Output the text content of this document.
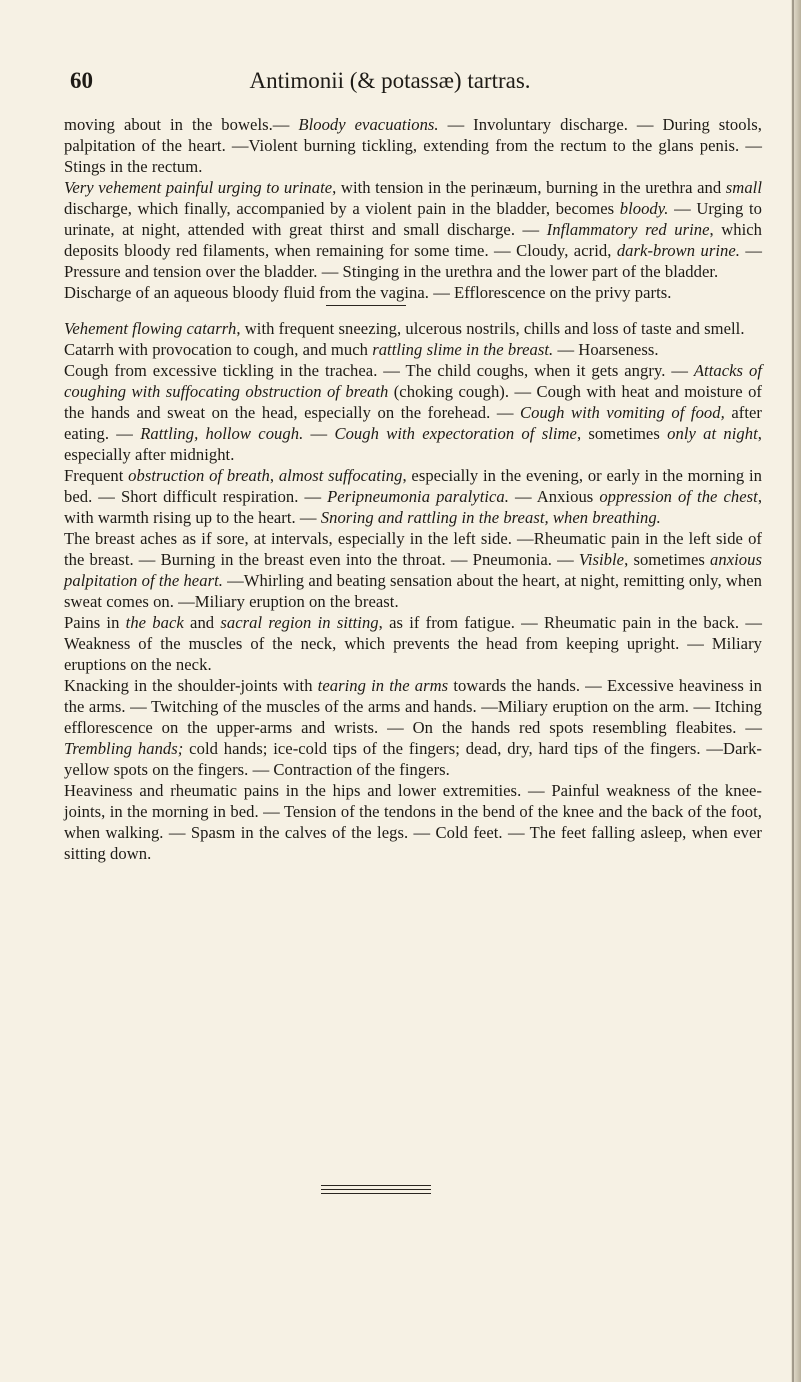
60	Antimonii (& potassæ) tartras.

moving about in the bowels.— Bloody evacuations. — Involuntary discharge. — During stools, palpitation of the heart. —Violent burning tickling, extending from the rectum to the glans penis. — Stings in the rectum.

Very vehement painful urging to urinate, with tension in the perinæum, burning in the urethra and small discharge, which finally, accompanied by a violent pain in the bladder, becomes bloody. — Urging to urinate, at night, attended with great thirst and small discharge. — Inflammatory red urine, which deposits bloody red filaments, when remaining for some time. — Cloudy, acrid, dark-brown urine. — Pressure and tension over the bladder. — Stinging in the urethra and the lower part of the bladder.

Discharge of an aqueous bloody fluid from the vagina. — Efflorescence on the privy parts.

Vehement flowing catarrh, with frequent sneezing, ulcerous nostrils, chills and loss of taste and smell.

Catarrh with provocation to cough, and much rattling slime in the breast. — Hoarseness.

Cough from excessive tickling in the trachea. — The child coughs, when it gets angry. — Attacks of coughing with suffocating obstruction of breath (choking cough). — Cough with heat and moisture of the hands and sweat on the head, especially on the forehead. — Cough with vomiting of food, after eating. — Rattling, hollow cough. — Cough with expectoration of slime, sometimes only at night, especially after midnight.

Frequent obstruction of breath, almost suffocating, especially in the evening, or early in the morning in bed. — Short difficult respiration. — Peripneumonia paralytica. — Anxious oppression of the chest, with warmth rising up to the heart. — Snoring and rattling in the breast, when breathing.

The breast aches as if sore, at intervals, especially in the left side. —Rheumatic pain in the left side of the breast. — Burning in the breast even into the throat. — Pneumonia. — Visible, sometimes anxious palpitation of the heart. —Whirling and beating sensation about the heart, at night, remitting only, when sweat comes on. —Miliary eruption on the breast.

Pains in the back and sacral region in sitting, as if from fatigue. — Rheumatic pain in the back. — Weakness of the muscles of the neck, which prevents the head from keeping upright. — Miliary eruptions on the neck.

Knacking in the shoulder-joints with tearing in the arms towards the hands. — Excessive heaviness in the arms. — Twitching of the muscles of the arms and hands. —Miliary eruption on the arm. — Itching efflorescence on the upper-arms and wrists. — On the hands red spots resembling fleabites. — Trembling hands; cold hands; ice-cold tips of the fingers; dead, dry, hard tips of the fingers. —Dark-yellow spots on the fingers. — Contraction of the fingers.

Heaviness and rheumatic pains in the hips and lower extremities. — Painful weakness of the knee-joints, in the morning in bed. — Tension of the tendons in the bend of the knee and the back of the foot, when walking. — Spasm in the calves of the legs. — Cold feet. — The feet falling asleep, when ever sitting down.
